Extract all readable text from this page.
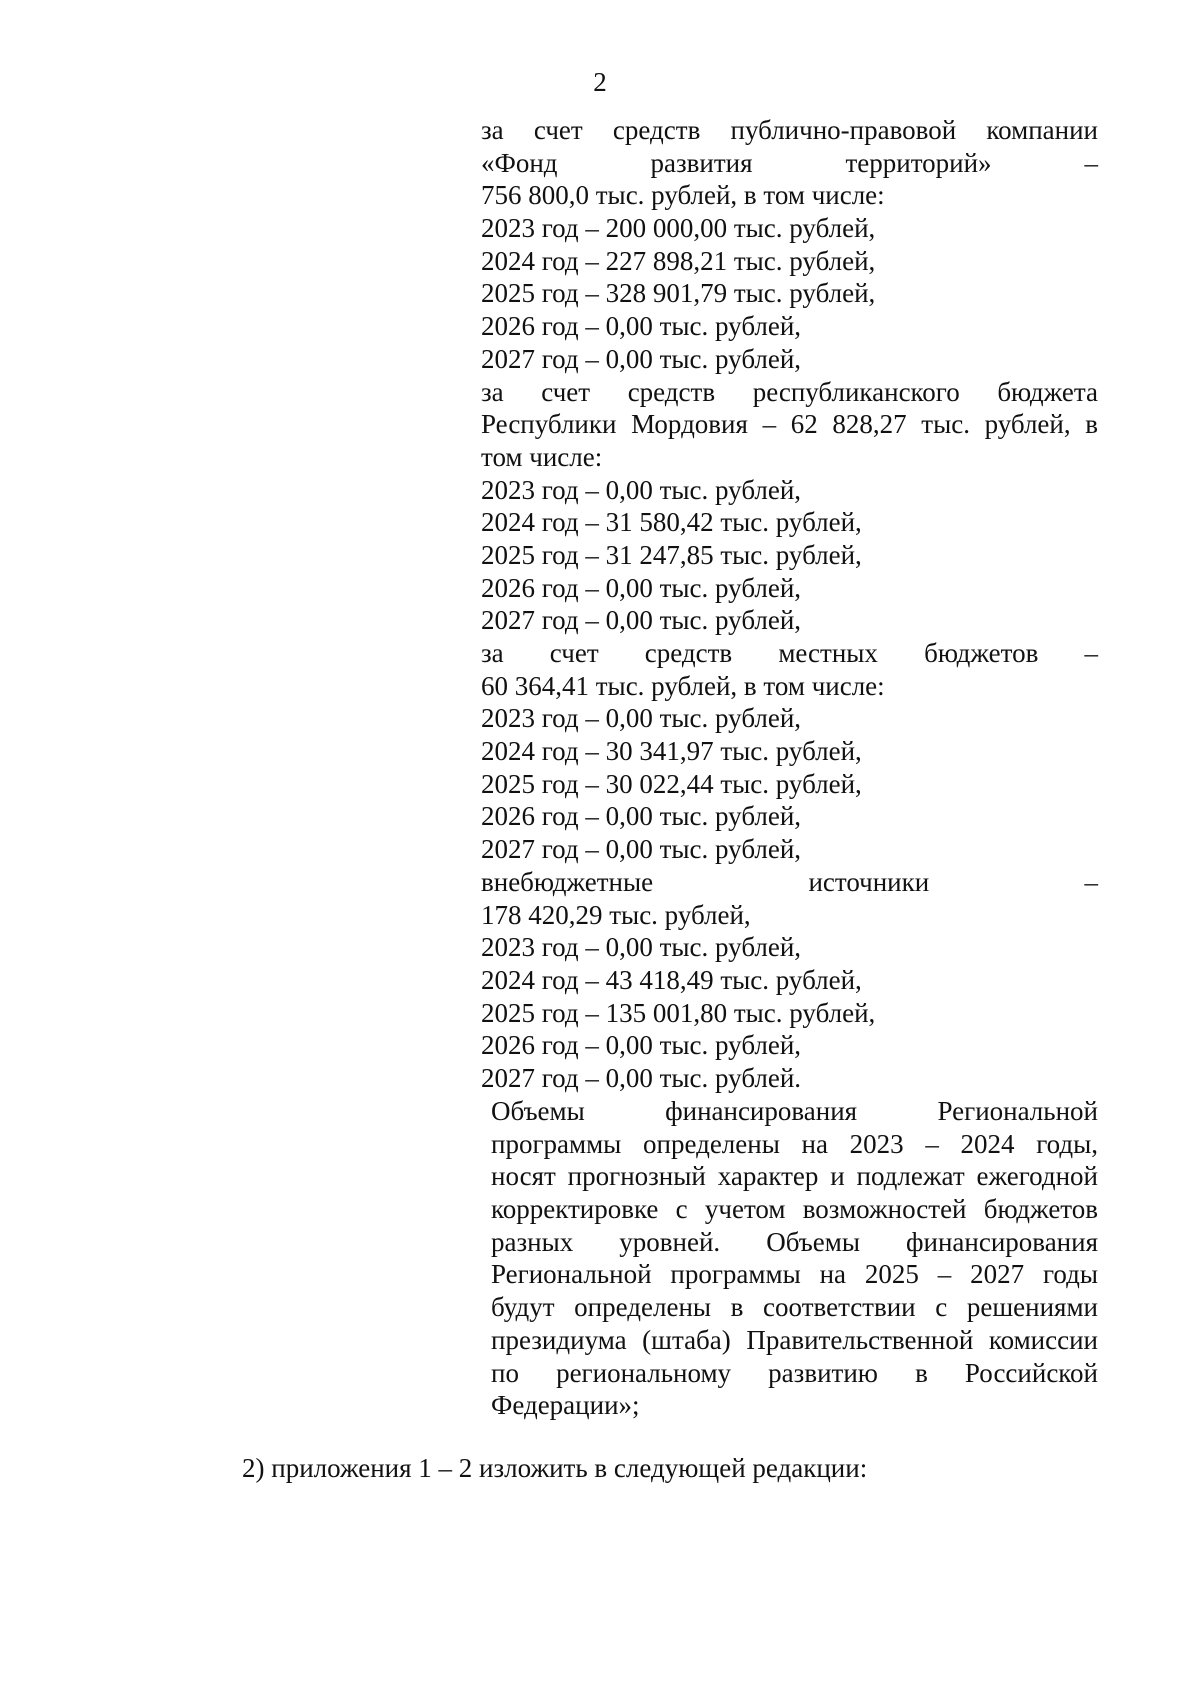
2
за счет средств публично-правовой компании
«Фонд развития территорий» –
756 800,0 тыс. рублей, в том числе:
2023 год – 200 000,00 тыс. рублей,
2024 год – 227 898,21 тыс. рублей,
2025 год – 328 901,79 тыс. рублей,
2026 год – 0,00 тыс. рублей,
2027 год – 0,00 тыс. рублей,
за счет средств республиканского бюджета
Республики Мордовия – 62 828,27 тыс. рублей, в
том числе:
2023 год – 0,00 тыс. рублей,
2024 год – 31 580,42 тыс. рублей,
2025 год – 31 247,85 тыс. рублей,
2026 год – 0,00 тыс. рублей,
2027 год – 0,00 тыс. рублей,
за счет средств местных бюджетов –
60 364,41 тыс. рублей, в том числе:
2023 год – 0,00 тыс. рублей,
2024 год – 30 341,97 тыс. рублей,
2025 год – 30 022,44 тыс. рублей,
2026 год – 0,00 тыс. рублей,
2027 год – 0,00 тыс. рублей,
внебюджетные источники –
178 420,29 тыс. рублей,
2023 год – 0,00 тыс. рублей,
2024 год – 43 418,49 тыс. рублей,
2025 год – 135 001,80 тыс. рублей,
2026 год – 0,00 тыс. рублей,
2027 год – 0,00 тыс. рублей.
Объемы финансирования Региональной
программы определены на 2023 – 2024 годы,
носят прогнозный характер и подлежат ежегодной
корректировке с учетом возможностей бюджетов
разных уровней. Объемы финансирования
Региональной программы на 2025 – 2027 годы
будут определены в соответствии с решениями
президиума (штаба) Правительственной комиссии
по региональному развитию в Российской
Федерации»;
2) приложения 1 – 2 изложить в следующей редакции:
